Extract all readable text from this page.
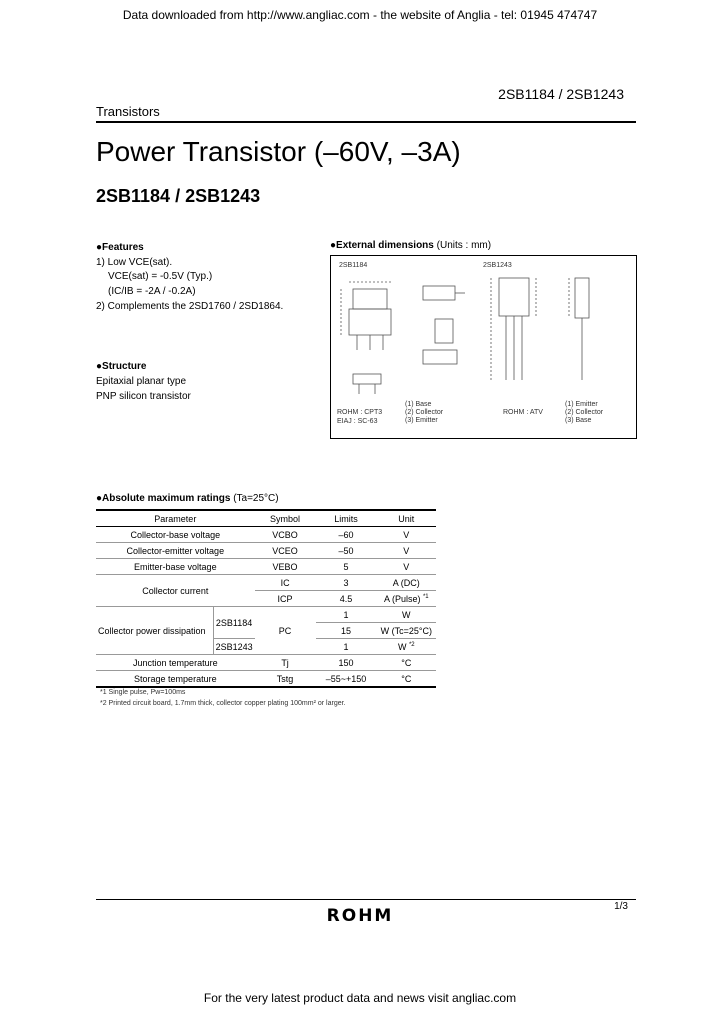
Data downloaded from http://www.angliac.com - the website of Anglia - tel: 01945 474747
2SB1184 / 2SB1243
Transistors
Power Transistor (–60V, –3A)
2SB1184 / 2SB1243
●Features
1) Low VCE(sat).
VCE(sat) = -0.5V (Typ.)
(IC/IB = -2A / -0.2A)
2) Complements the 2SD1760 / 2SD1864.
●Structure
Epitaxial planar type
PNP silicon transistor
●External dimensions (Units : mm)
2SB1184	2SB1243
ROHM : CPT3
EIAJ : SC-63
(1) Base
(2) Collector
(3) Emitter
ROHM : ATV
(1) Emitter
(2) Collector
(3) Base
●Absolute maximum ratings (Ta=25°C)
Parameter		Symbol	Limits	Unit
Collector-base voltage		VCBO	–60	V
Collector-emitter voltage		VCEO	–50	V
Emitter-base voltage		VEBO	5	V
Collector current		IC	3	A (DC)
		ICP	4.5	A (Pulse) $^{*1}$
Collector power dissipation	2SB1184	PC	1	W
			15	W (Tc=25°C)
	2SB1243		1	W $^{*2}$
Junction temperature		Tj	150	°C
Storage temperature		Tstg	–55~+150	°C
*1 Single pulse, Pw=100ms
*2 Printed circuit board, 1.7mm thick, collector copper plating 100mm² or larger.
1/3
ROHM
For the very latest product data and news visit angliac.com
